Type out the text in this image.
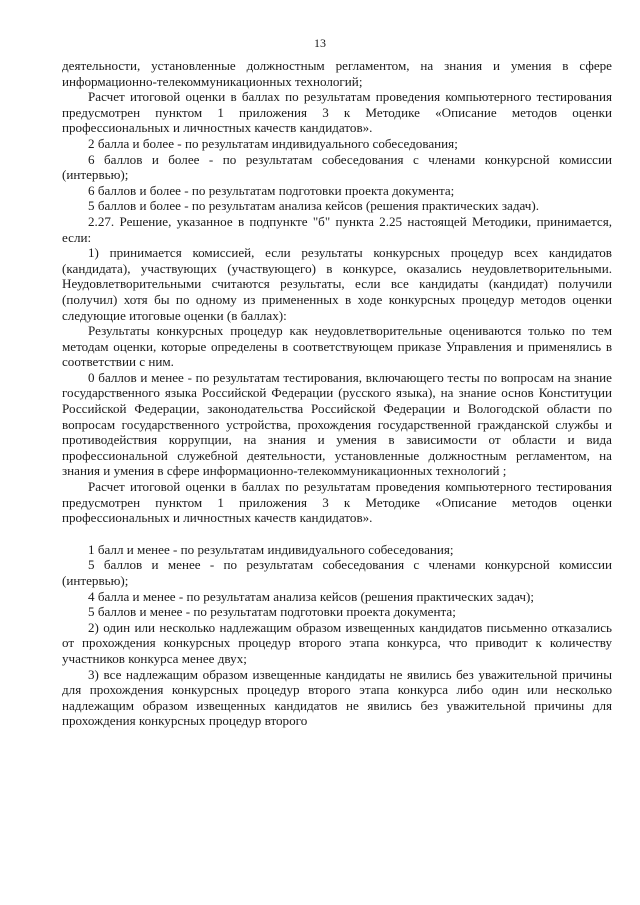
13

деятельности, установленные должностным регламентом, на знания и умения в сфере информационно-телекоммуникационных технологий;

Расчет итоговой оценки в баллах по результатам проведения компьютерного тестирования предусмотрен пунктом 1 приложения 3 к Методике «Описание методов оценки профессиональных и личностных качеств кандидатов».

2 балла и более - по результатам индивидуального собеседования;

6 баллов и более - по результатам собеседования с членами конкурсной комиссии (интервью);

6 баллов и более - по результатам подготовки проекта документа;

5 баллов и более - по результатам анализа кейсов (решения практических задач).

2.27. Решение, указанное в подпункте "б" пункта 2.25 настоящей Методики, принимается, если:

1) принимается комиссией, если результаты конкурсных процедур всех кандидатов (кандидата), участвующих (участвующего) в конкурсе, оказались неудовлетворительными. Неудовлетворительными считаются результаты, если все кандидаты (кандидат) получили (получил) хотя бы по одному из примененных в ходе конкурсных процедур методов оценки следующие итоговые оценки (в баллах):

Результаты конкурсных процедур как неудовлетворительные оцениваются только по тем методам оценки, которые определены в соответствующем приказе Управления и применялись в соответствии с ним.

0 баллов и менее - по результатам тестирования, включающего тесты по вопросам на знание государственного языка Российской Федерации (русского языка), на знание основ Конституции Российской Федерации, законодательства Российской Федерации и Вологодской области по вопросам государственного устройства, прохождения государственной гражданской службы и противодействия коррупции, на знания и умения в зависимости от области и вида профессиональной служебной деятельности, установленные должностным регламентом, на знания и умения в сфере информационно-телекоммуникационных технологий ;

Расчет итоговой оценки в баллах по результатам проведения компьютерного тестирования предусмотрен пунктом 1 приложения 3 к Методике «Описание методов оценки профессиональных и личностных качеств кандидатов».

1 балл и менее - по результатам индивидуального собеседования;

5 баллов и менее - по результатам собеседования с членами конкурсной комиссии (интервью);

4 балла и менее - по результатам анализа кейсов (решения практических задач);

5 баллов и менее - по результатам подготовки проекта документа;

2) один или несколько надлежащим образом извещенных кандидатов письменно отказались от прохождения конкурсных процедур второго этапа конкурса, что приводит к количеству участников конкурса менее двух;

3) все надлежащим образом извещенные кандидаты не явились без уважительной причины для прохождения конкурсных процедур второго этапа конкурса либо один или несколько надлежащим образом извещенных кандидатов не явились без уважительной причины для прохождения конкурсных процедур второго
